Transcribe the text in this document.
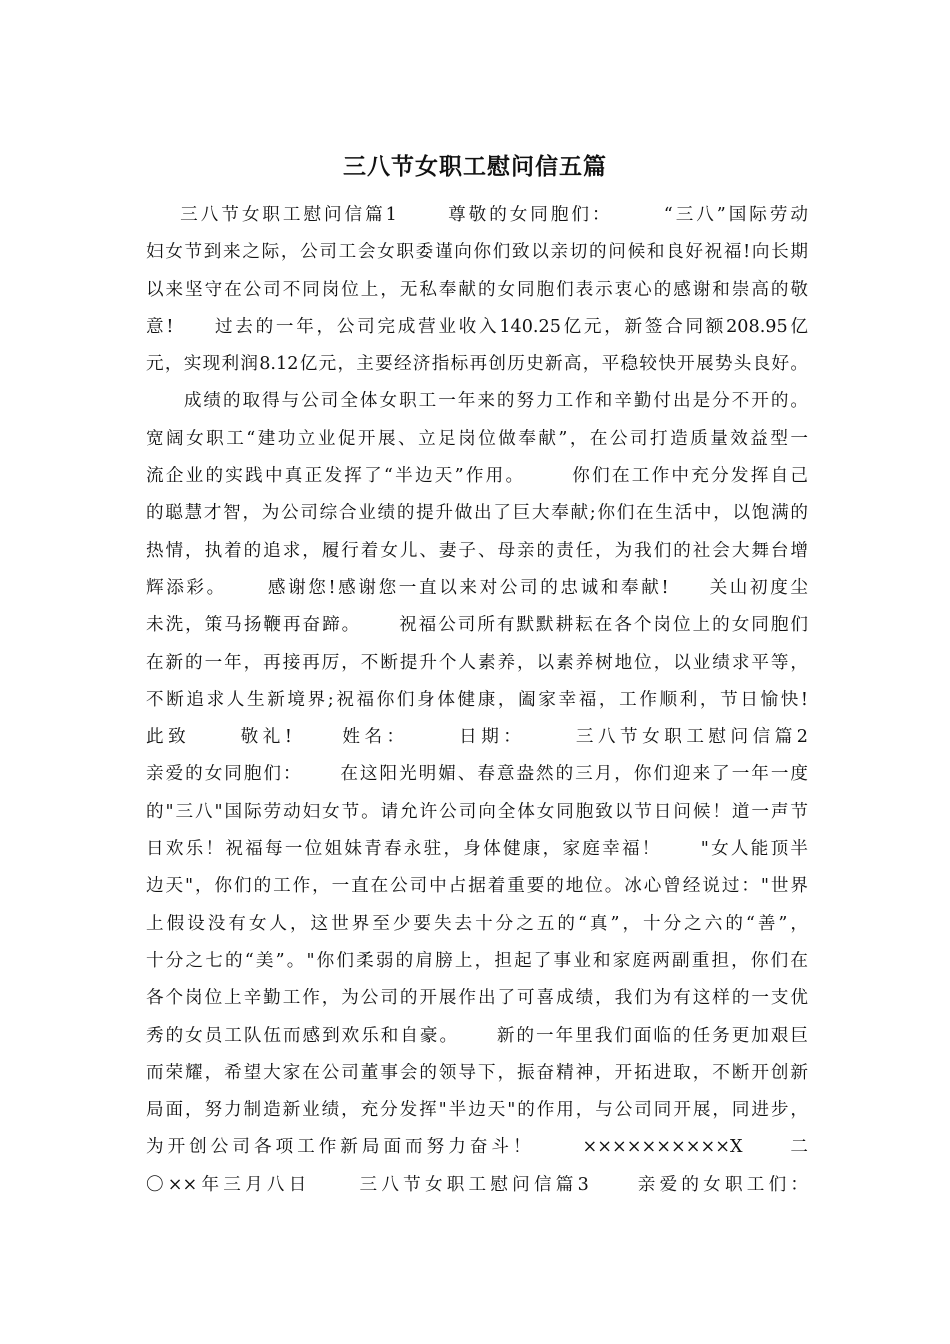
三八节女职工慰问信五篇
三八节女职工慰问信篇1      尊敬的女同胞们：      “三八”国际劳动
妇女节到来之际，公司工会女职委谨向你们致以亲切的问候和良好祝福!向长期
以来坚守在公司不同岗位上，无私奉献的女同胞们表示衷心的感谢和崇高的敬
意!     过去的一年，公司完成营业收入140.25亿元，新签合同额208.95亿
元，实现利润8.12亿元，主要经济指标再创历史新高，平稳较快开展势头良好。
成绩的取得与公司全体女职工一年来的努力工作和辛勤付出是分不开的。
宽阔女职工“建功立业促开展、立足岗位做奉献”，在公司打造质量效益型一
流企业的实践中真正发挥了“半边天”作用。      你们在工作中充分发挥自己
的聪慧才智，为公司综合业绩的提升做出了巨大奉献;你们在生活中，以饱满的
热情，执着的追求，履行着女儿、妻子、母亲的责任，为我们的社会大舞台增
辉添彩。     感谢您!感谢您一直以来对公司的忠诚和奉献!     关山初度尘
未洗，策马扬鞭再奋蹄。     祝福公司所有默默耕耘在各个岗位上的女同胞们
在新的一年，再接再厉，不断提升个人素养，以素养树地位，以业绩求平等，
不断追求人生新境界;祝福你们身体健康，阖家幸福，工作顺利，节日愉快!
此致     敬礼!     姓名：     日期：     三八节女职工慰问信篇2
亲爱的女同胞们：     在这阳光明媚、春意盎然的三月，你们迎来了一年一度
的"三八"国际劳动妇女节。请允许公司向全体女同胞致以节日问候！道一声节
日欢乐！祝福每一位姐妹青春永驻，身体健康，家庭幸福！     "女人能顶半
边天"，你们的工作，一直在公司中占据着重要的地位。冰心曾经说过："世界
上假设没有女人，这世界至少要失去十分之五的“真”，十分之六的“善”，
十分之七的“美”。"你们柔弱的肩膀上，担起了事业和家庭两副重担，你们在
各个岗位上辛勤工作，为公司的开展作出了可喜成绩，我们为有这样的一支优
秀的女员工队伍而感到欢乐和自豪。     新的一年里我们面临的任务更加艰巨
而荣耀，希望大家在公司董事会的领导下，振奋精神，开拓进取，不断开创新
局面，努力制造新业绩，充分发挥"半边天"的作用，与公司同开展，同进步，
为开创公司各项工作新局面而努力奋斗！     ××××××××××X     二
〇××年三月八日     三八节女职工慰问信篇3     亲爱的女职工们：
